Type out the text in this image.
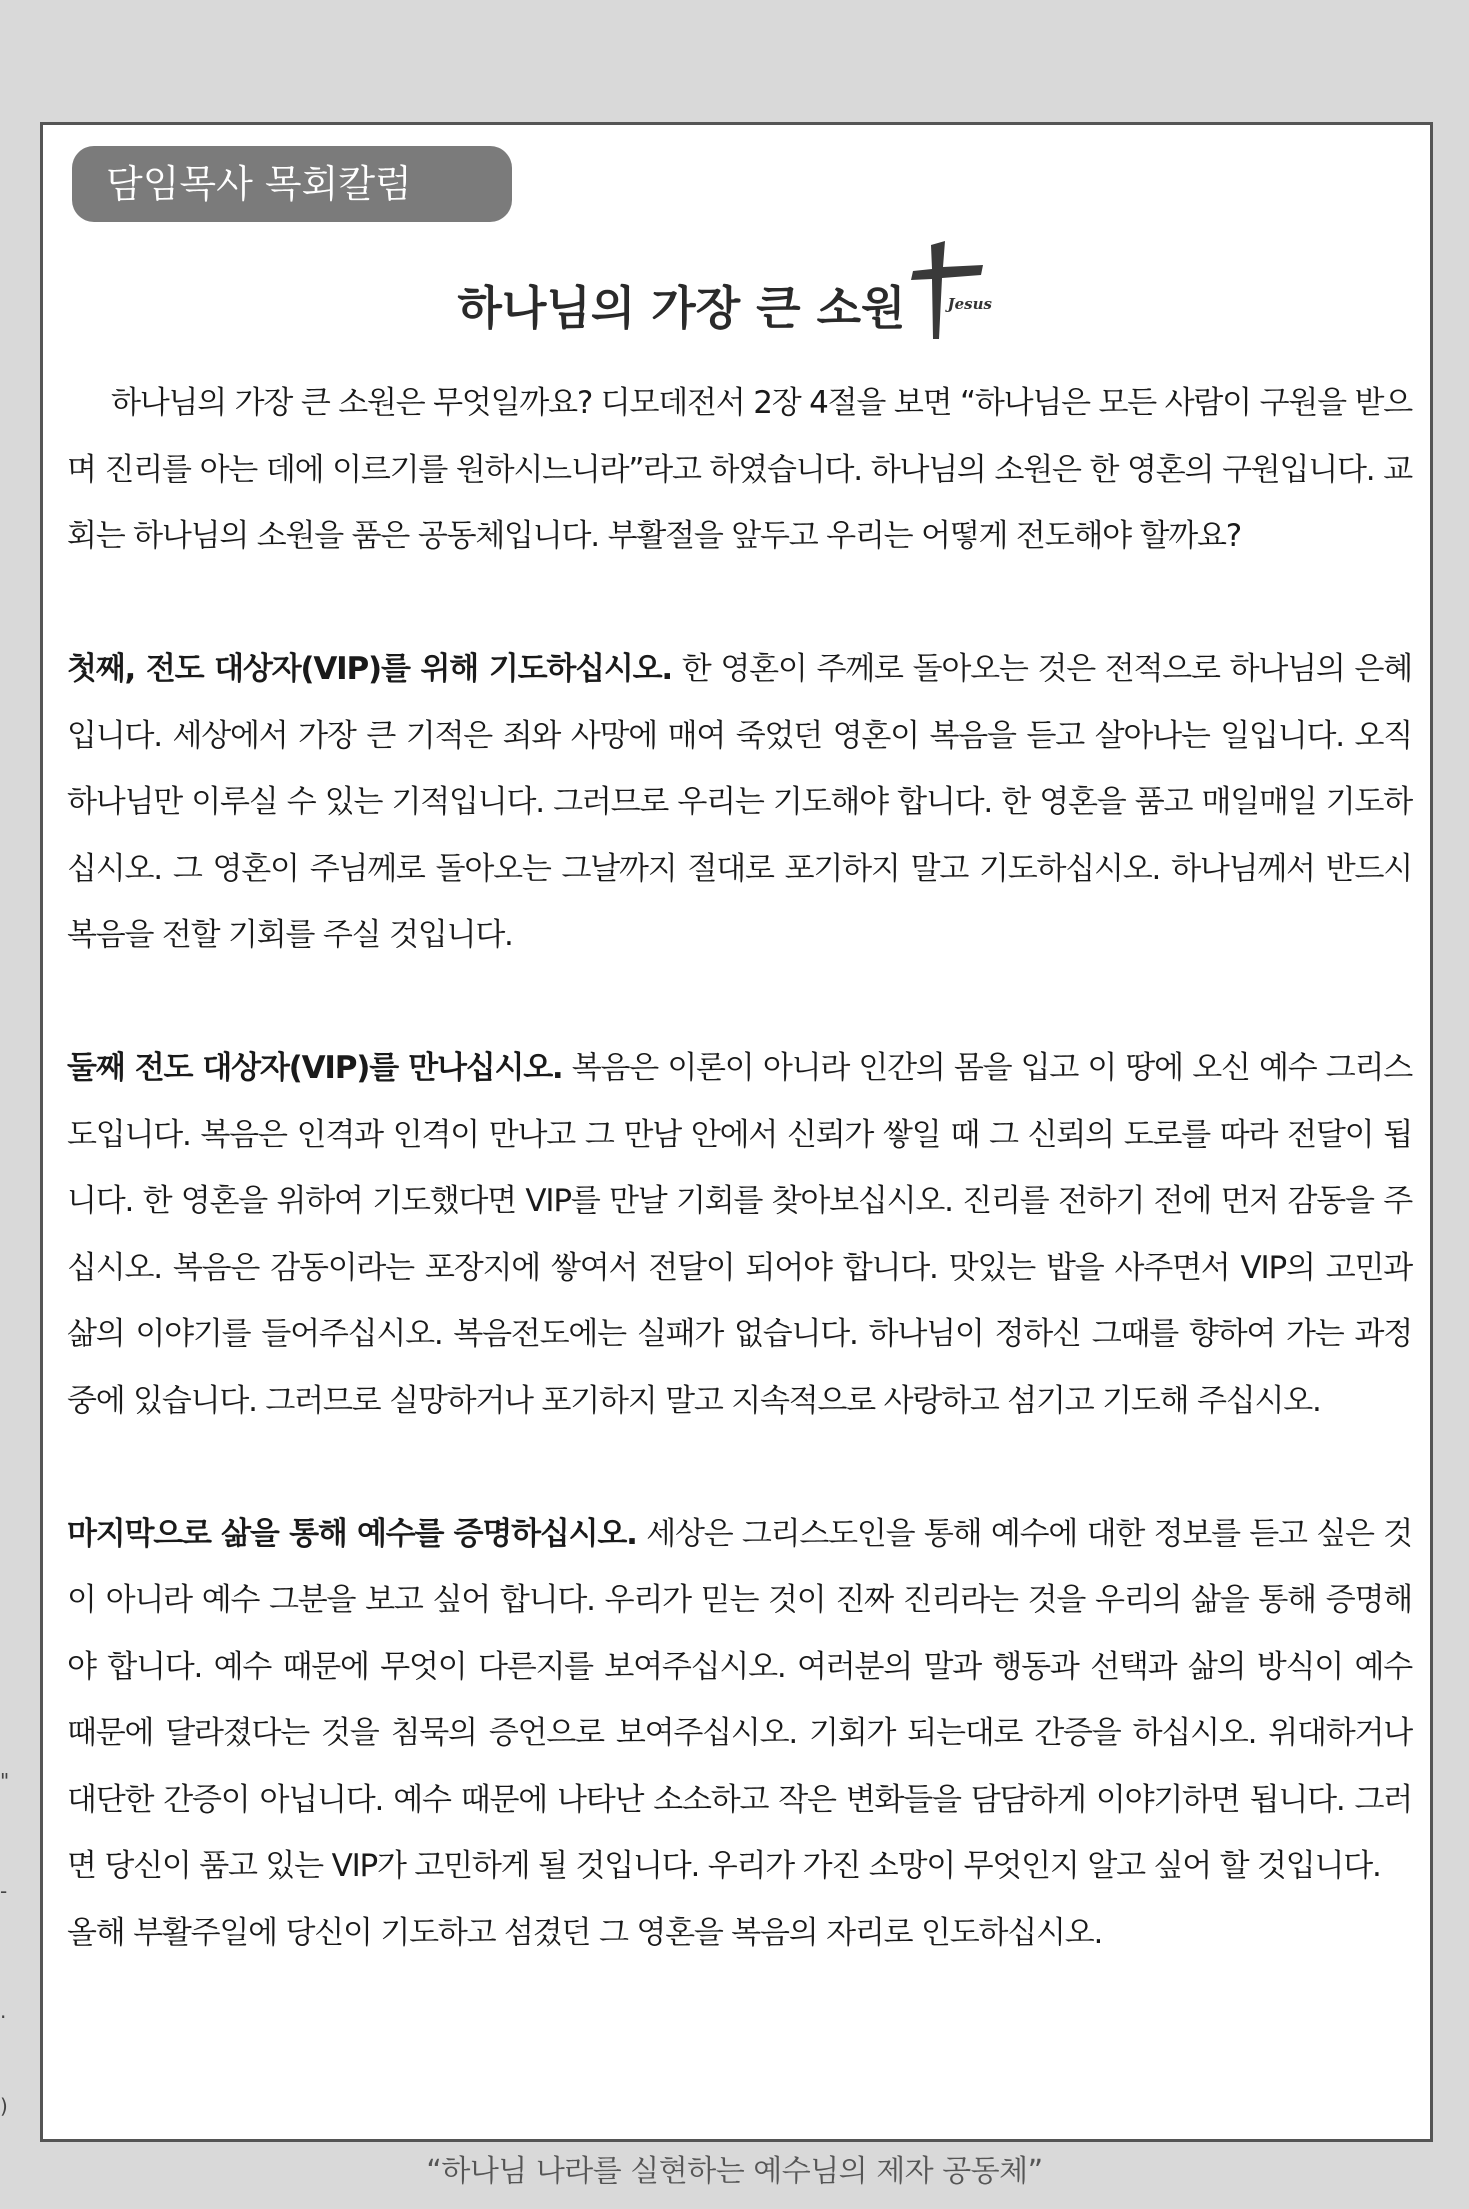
"
-
.
)
담임목사 목회칼럼
하나님의 가장 큰 소원	Jesus

하나님의 가장 큰 소원은 무엇일까요? 디모데전서 2장 4절을 보면 “하나님은 모든 사람이 구원을 받으며 진리를 아는 데에 이르기를 원하시느니라”라고 하였습니다. 하나님의 소원은 한 영혼의 구원입니다. 교회는 하나님의 소원을 품은 공동체입니다. 부활절을 앞두고 우리는 어떻게 전도해야 할까요?

첫째, 전도 대상자(VIP)를 위해 기도하십시오. 한 영혼이 주께로 돌아오는 것은 전적으로 하나님의 은혜입니다. 세상에서 가장 큰 기적은 죄와 사망에 매여 죽었던 영혼이 복음을 듣고 살아나는 일입니다. 오직 하나님만 이루실 수 있는 기적입니다. 그러므로 우리는 기도해야 합니다. 한 영혼을 품고 매일매일 기도하십시오. 그 영혼이 주님께로 돌아오는 그날까지 절대로 포기하지 말고 기도하십시오. 하나님께서 반드시 복음을 전할 기회를 주실 것입니다.

둘째 전도 대상자(VIP)를 만나십시오. 복음은 이론이 아니라 인간의 몸을 입고 이 땅에 오신 예수 그리스도입니다. 복음은 인격과 인격이 만나고 그 만남 안에서 신뢰가 쌓일 때 그 신뢰의 도로를 따라 전달이 됩니다. 한 영혼을 위하여 기도했다면 VIP를 만날 기회를 찾아보십시오. 진리를 전하기 전에 먼저 감동을 주십시오. 복음은 감동이라는 포장지에 쌓여서 전달이 되어야 합니다. 맛있는 밥을 사주면서 VIP의 고민과 삶의 이야기를 들어주십시오. 복음전도에는 실패가 없습니다. 하나님이 정하신 그때를 향하여 가는 과정 중에 있습니다. 그러므로 실망하거나 포기하지 말고 지속적으로 사랑하고 섬기고 기도해 주십시오.

마지막으로 삶을 통해 예수를 증명하십시오. 세상은 그리스도인을 통해 예수에 대한 정보를 듣고 싶은 것이 아니라 예수 그분을 보고 싶어 합니다. 우리가 믿는 것이 진짜 진리라는 것을 우리의 삶을 통해 증명해야 합니다. 예수 때문에 무엇이 다른지를 보여주십시오. 여러분의 말과 행동과 선택과 삶의 방식이 예수 때문에 달라졌다는 것을 침묵의 증언으로 보여주십시오. 기회가 되는대로 간증을 하십시오. 위대하거나 대단한 간증이 아닙니다. 예수 때문에 나타난 소소하고 작은 변화들을 담담하게 이야기하면 됩니다. 그러면 당신이 품고 있는 VIP가 고민하게 될 것입니다. 우리가 가진 소망이 무엇인지 알고 싶어 할 것입니다.

올해 부활주일에 당신이 기도하고 섬겼던 그 영혼을 복음의 자리로 인도하십시오.

“하나님 나라를 실현하는 예수님의 제자 공동체”
